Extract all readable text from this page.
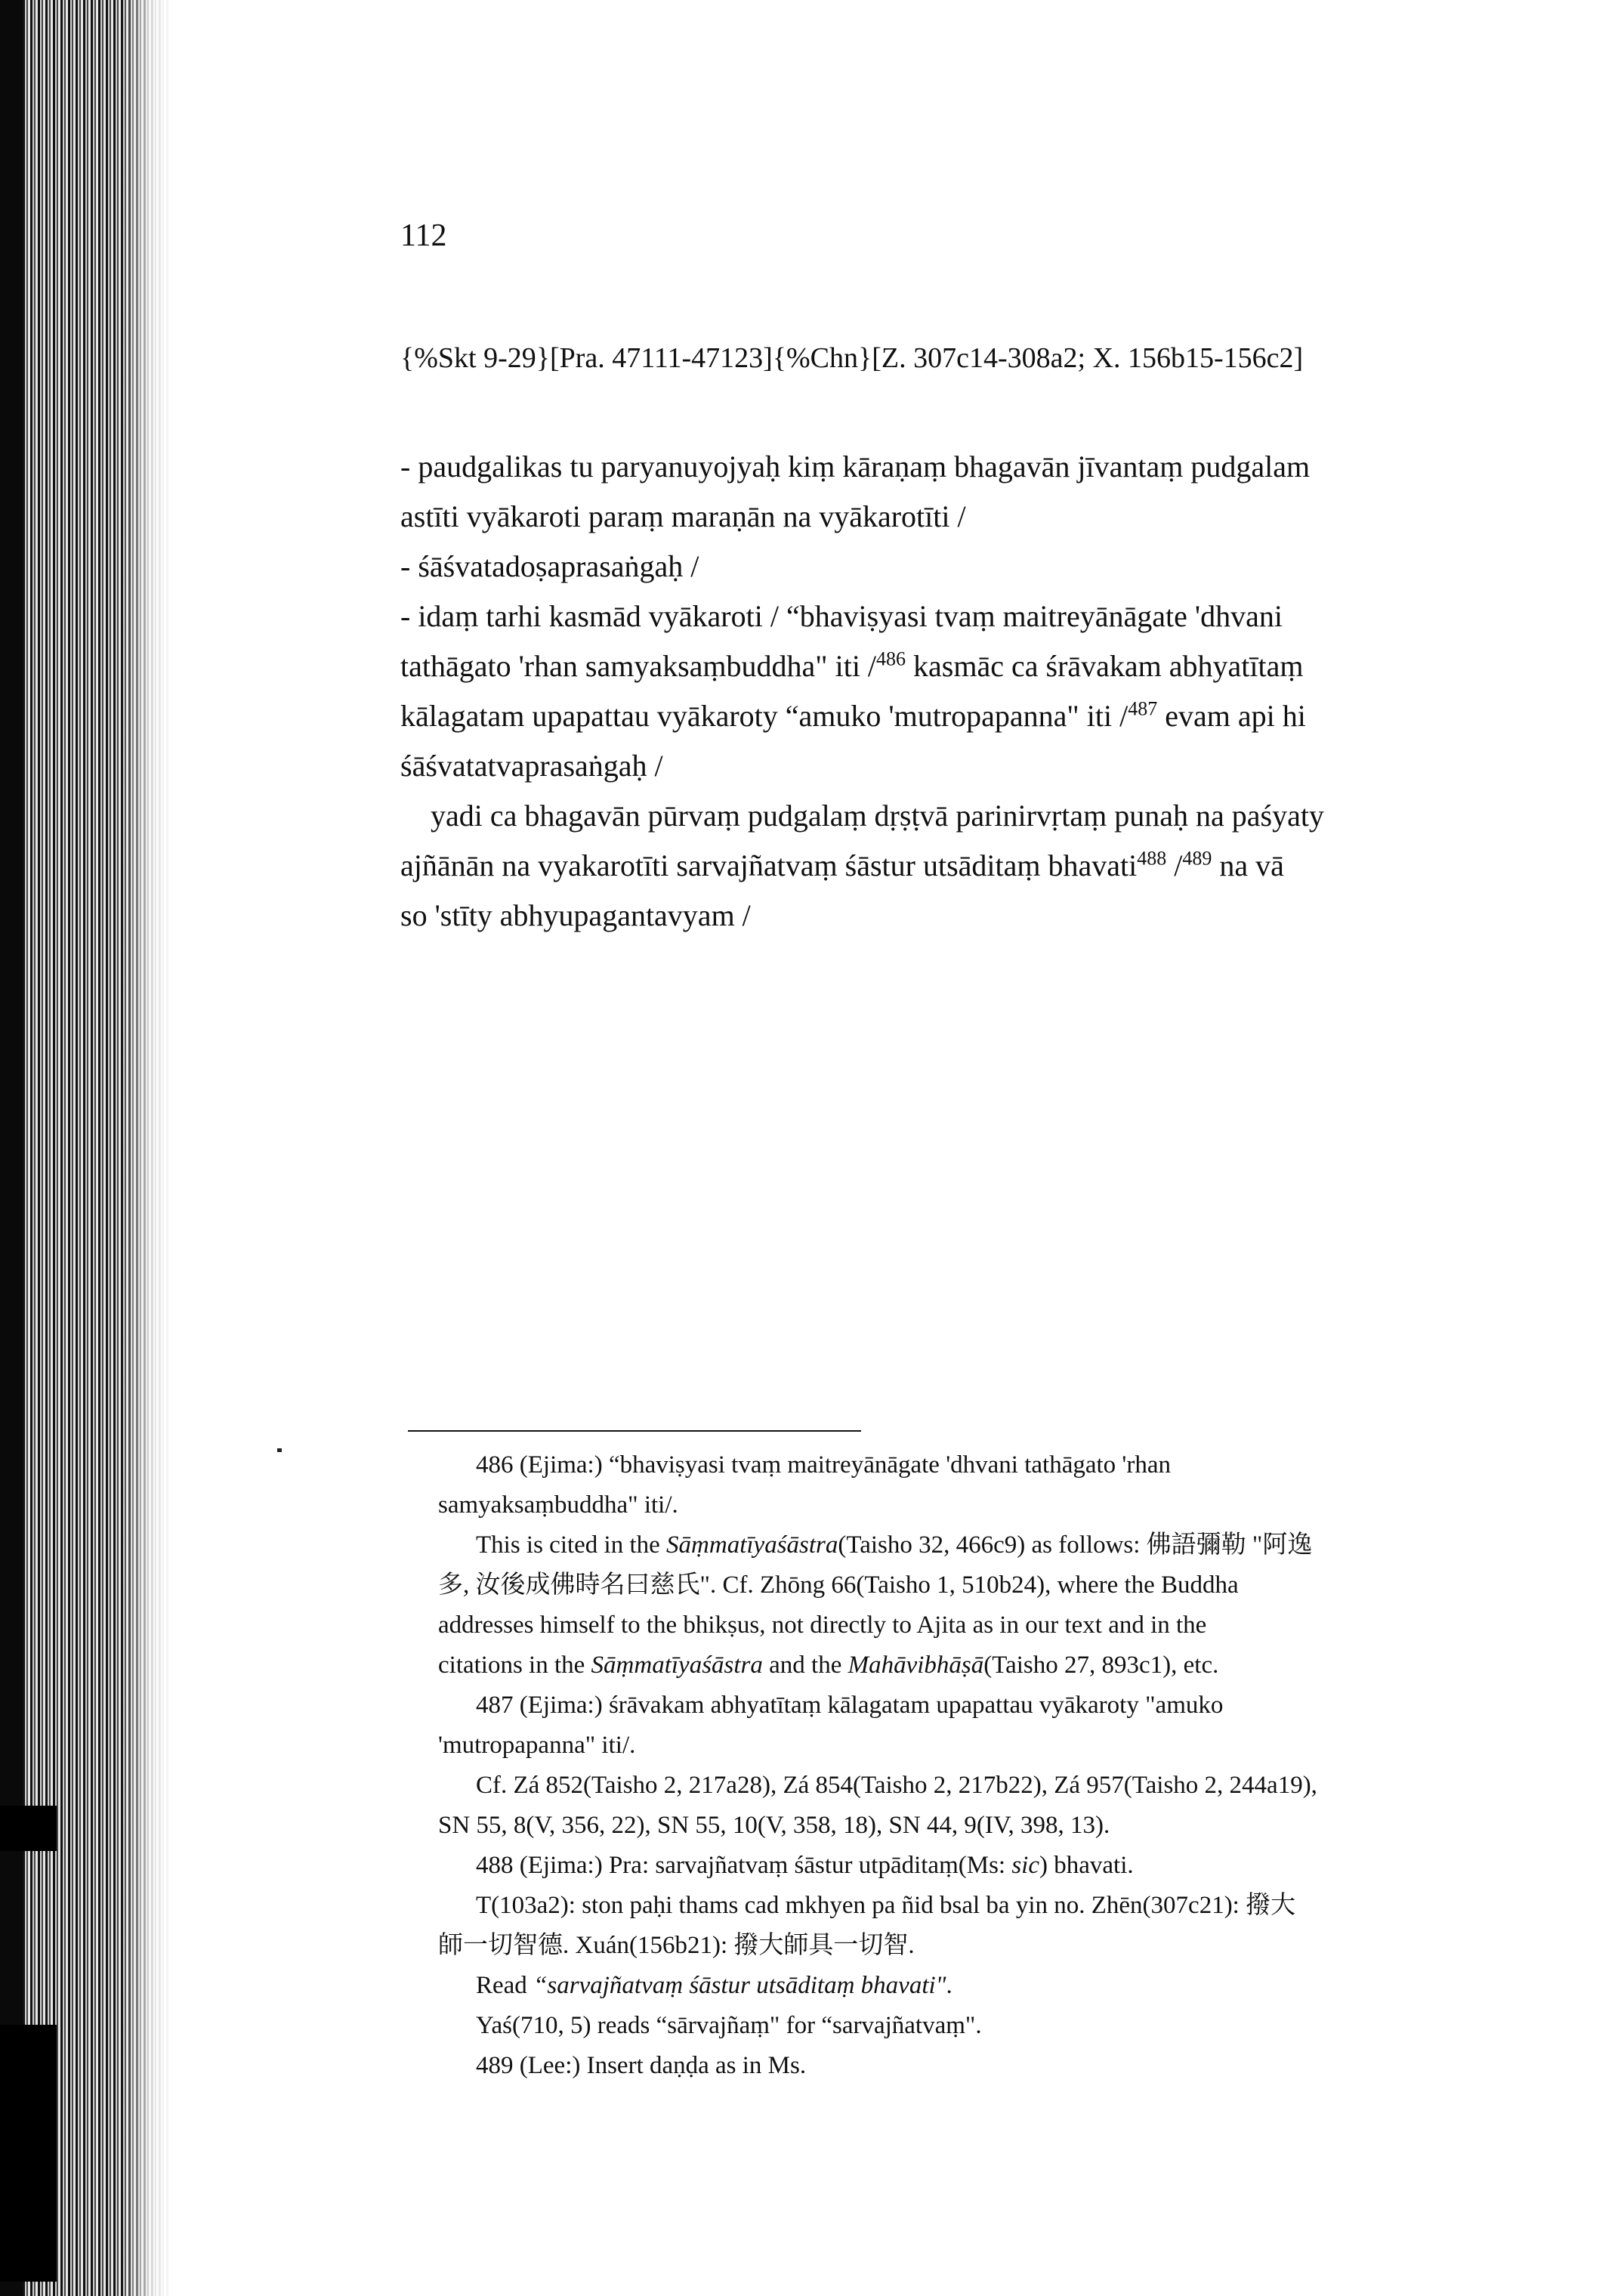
112
{%Skt 9-29}[Pra. 47111-47123]{%Chn}[Z. 307c14-308a2; X. 156b15-156c2]

- paudgalikas tu paryanuyojyaḥ kiṃ kāraṇaṃ bhagavān jīvantaṃ pudgalam

astīti vyākaroti paraṃ maraṇān na vyākarotīti /

- śāśvatadoṣaprasaṅgaḥ /

- idaṃ tarhi kasmād vyākaroti / “bhaviṣyasi tvaṃ maitreyānāgate 'dhvani

tathāgato 'rhan samyaksaṃbuddha" iti /$^{486}$ kasmāc ca śrāvakam abhyatītaṃ

kālagatam upapattau vyākaroty “amuko 'mutropapanna" iti /$^{487}$ evam api hi

śāśvatatvaprasaṅgaḥ /

yadi ca bhagavān pūrvaṃ pudgalaṃ dṛṣṭvā parinirvṛtaṃ punaḥ na paśyaty

ajñānān na vyakarotīti sarvajñatvaṃ śāstur utsāditaṃ bhavati$^{488}$ /$^{489}$ na vā

so 'stīty abhyupagantavyam /

486 (Ejima:) “bhaviṣyasi tvaṃ maitreyānāgate 'dhvani tathāgato 'rhan

samyaksaṃbuddha" iti/.

This is cited in the Sāṃmatīyaśāstra(Taisho 32, 466c9) as follows: 佛語彌勒 "阿逸

多, 汝後成佛時名曰慈氏". Cf. Zhōng 66(Taisho 1, 510b24), where the Buddha

addresses himself to the bhikṣus, not directly to Ajita as in our text and in the

citations in the Sāṃmatīyaśāstra and the Mahāvibhāṣā(Taisho 27, 893c1), etc.

487 (Ejima:) śrāvakam abhyatītaṃ kālagatam upapattau vyākaroty "amuko

'mutropapanna" iti/.

Cf. Zá 852(Taisho 2, 217a28), Zá 854(Taisho 2, 217b22), Zá 957(Taisho 2, 244a19),

SN 55, 8(V, 356, 22), SN 55, 10(V, 358, 18), SN 44, 9(IV, 398, 13).

488 (Ejima:) Pra: sarvajñatvaṃ śāstur utpāditaṃ(Ms: sic) bhavati.

T(103a2): ston paḥi thams cad mkhyen pa ñid bsal ba yin no. Zhēn(307c21): 撥大

師一切智德. Xuán(156b21): 撥大師具一切智.

Read “sarvajñatvaṃ śāstur utsāditaṃ bhavati".

Yaś(710, 5) reads “sārvajñaṃ" for “sarvajñatvaṃ".

489 (Lee:) Insert daṇḍa as in Ms.
